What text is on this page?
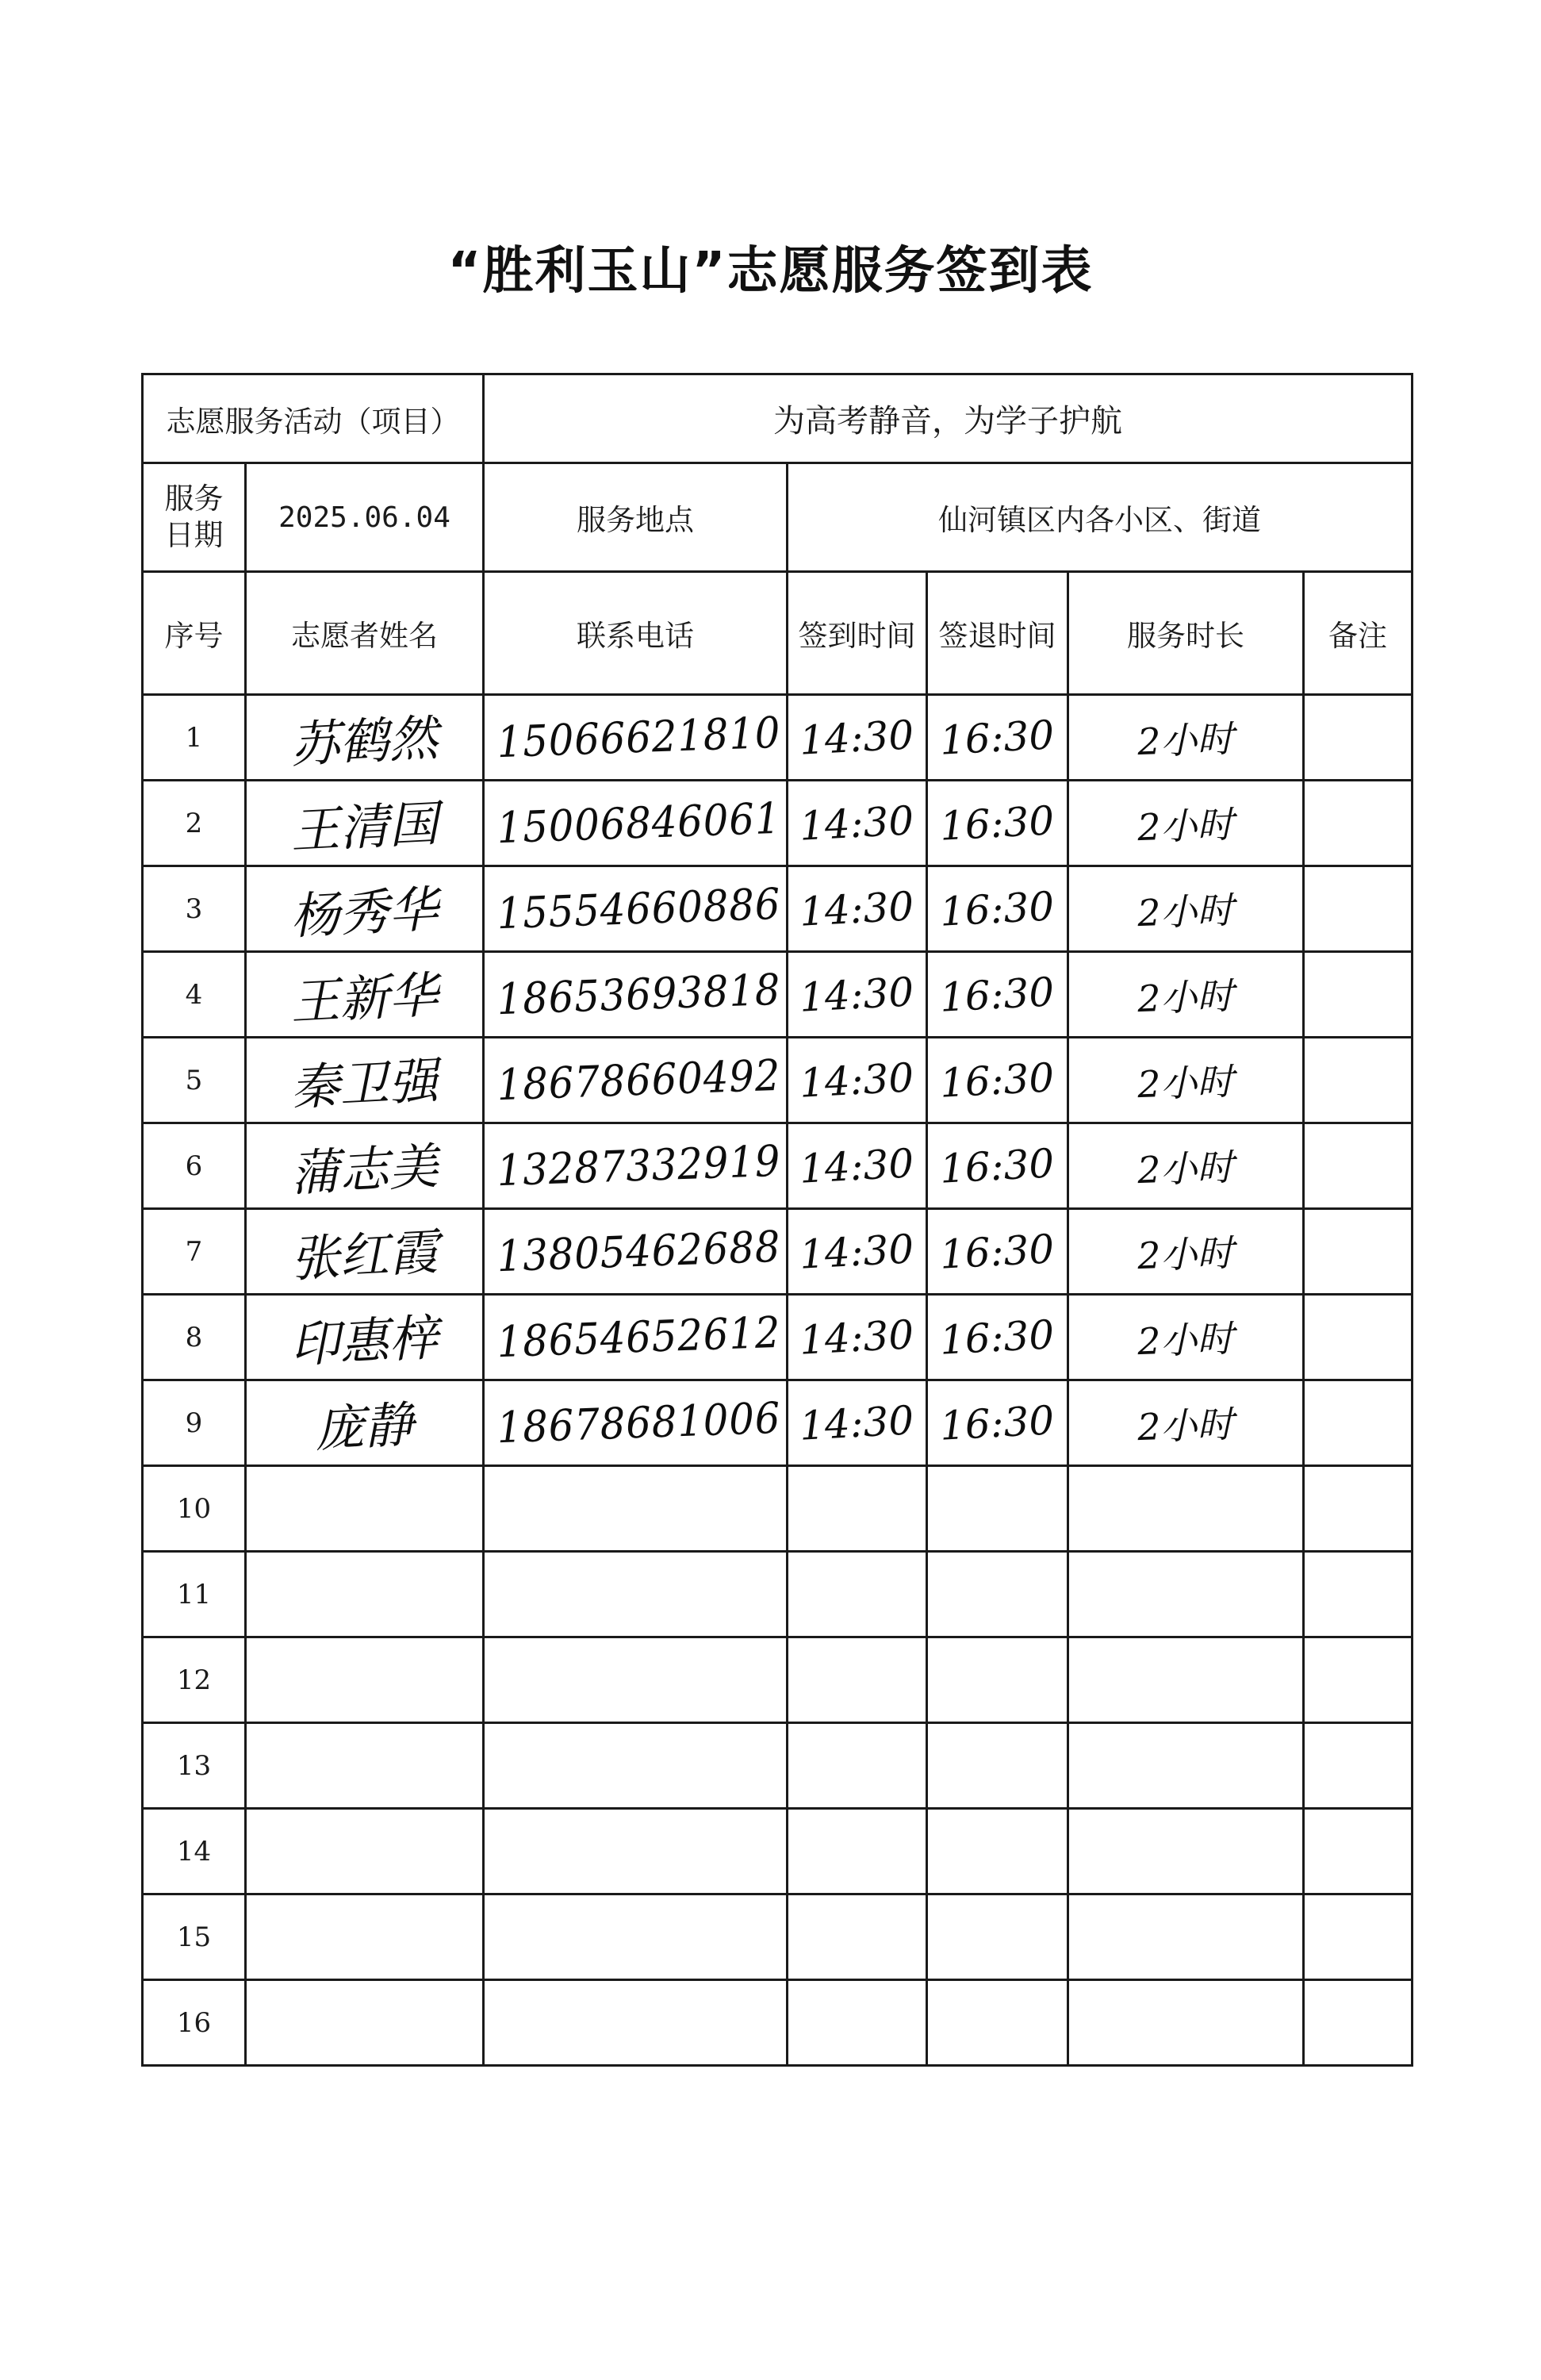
“胜利玉山”志愿服务签到表
志愿服务活动（项目）		为高考静音，为学子护航				
服务日期	2025.06.04	服务地点	仙河镇区内各小区、街道			
序号	志愿者姓名	联系电话	签到时间	签退时间	服务时长	备注
1	苏鹤然	15066621810	14:30	16:30	2小时	
2	王清国	15006846061	14:30	16:30	2小时	
3	杨秀华	15554660886	14:30	16:30	2小时	
4	王新华	18653693818	14:30	16:30	2小时	
5	秦卫强	18678660492	14:30	16:30	2小时	
6	蒲志美	13287332919	14:30	16:30	2小时	
7	张红霞	13805462688	14:30	16:30	2小时	
8	印惠梓	18654652612	14:30	16:30	2小时	
9	庞静	18678681006	14:30	16:30	2小时	
10						
11						
12						
13						
14						
15						
16						
